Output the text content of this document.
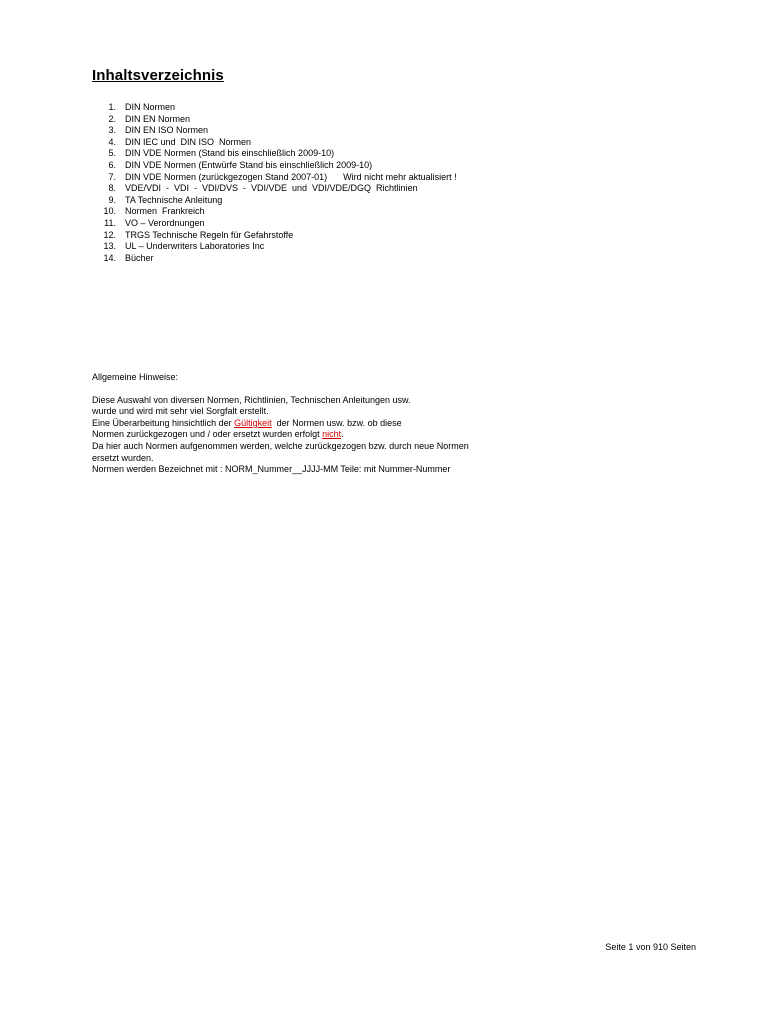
Inhaltsverzeichnis
1.	DIN Normen
2.	DIN EN Normen
3.	DIN EN ISO Normen
4.	DIN IEC und  DIN ISO  Normen
5.	DIN VDE Normen (Stand bis einschließlich 2009-10)
6.	DIN VDE Normen (Entwürfe Stand bis einschließlich 2009-10)
7.	DIN VDE Normen (zurückgezogen Stand 2007-01) Wird nicht mehr aktualisiert !
8.	VDE/VDI  -  VDI  -  VDI/DVS  -  VDI/VDE  und  VDI/VDE/DGQ  Richtlinien
9.	TA Technische Anleitung
10.	Normen  Frankreich
11.	VO – Verordnungen
12.	TRGS Technische Regeln für Gefahrstoffe
13.	UL – Underwriters Laboratories Inc
14.	Bücher
Allgemeine Hinweise:
Diese Auswahl von diversen Normen, Richtlinien, Technischen Anleitungen usw.
wurde und wird mit sehr viel Sorgfalt erstellt.
Eine Überarbeitung hinsichtlich der Gültigkeit  der Normen usw. bzw. ob diese
Normen zurückgezogen und / oder ersetzt wurden erfolgt nicht.
Da hier auch Normen aufgenommen werden, welche zurückgezogen bzw. durch neue Normen
ersetzt wurden.
Normen werden Bezeichnet mit : NORM_Nummer__JJJJ-MM Teile: mit Nummer-Nummer
Seite 1 von 910 Seiten
